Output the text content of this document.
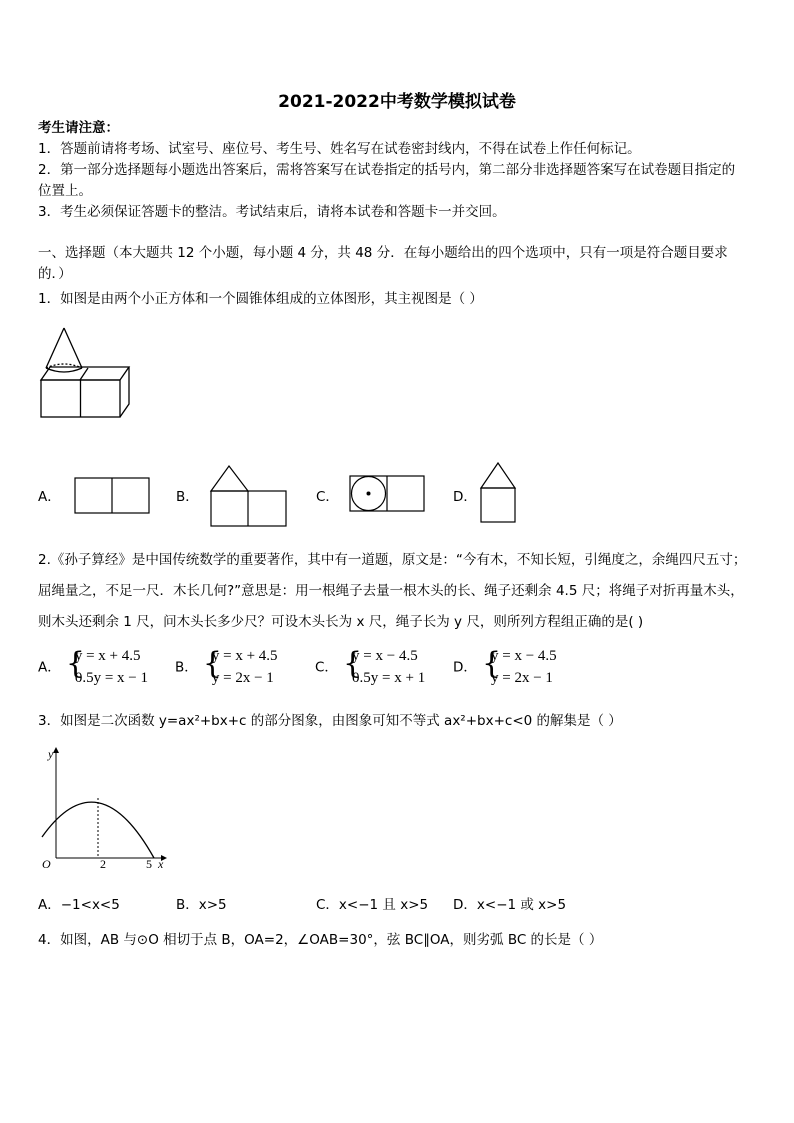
2021-2022中考数学模拟试卷
考生请注意：
1．答题前请将考场、试室号、座位号、考生号、姓名写在试卷密封线内，不得在试卷上作任何标记。
2．第一部分选择题每小题选出答案后，需将答案写在试卷指定的括号内，第二部分非选择题答案写在试卷题目指定的
位置上。
3．考生必须保证答题卡的整洁。考试结束后，请将本试卷和答题卡一并交回。
一、选择题（本大题共 12 个小题，每小题 4 分，共 48 分．在每小题给出的四个选项中，只有一项是符合题目要求
的．）
1．如图是由两个小正方体和一个圆锥体组成的立体图形，其主视图是（ ）
A．	B．	C．	D．
2.《孙子算经》是中国传统数学的重要著作，其中有一道题，原文是：“今有木，不知长短，引绳度之，余绳四尺五寸；
屈绳量之，不足一尺．木长几何?”意思是：用一根绳子去量一根木头的长、绳子还剩余 4.5 尺；将绳子对折再量木头，
则木头还剩余 1 尺，问木头长多少尺？可设木头长为 x 尺，绳子长为 y 尺，则所列方程组正确的是( )
A． {
y = x + 4.5
0.5y = x − 1
B． {
y = x + 4.5
y = 2x − 1
C． {
y = x − 4.5
0.5y = x + 1
D． {
y = x − 4.5
y = 2x − 1
3．如图是二次函数 y=ax²+bx+c 的部分图象，由图象可知不等式 ax²+bx+c<0 的解集是（ ）
y
x
O	2	5
A．−1<x<5	B．x>5	C．x<−1 且 x>5 D．x<−1 或 x>5
4．如图，AB 与⊙O 相切于点 B，OA=2，∠OAB=30°，弦 BC∥OA，则劣弧 BC 的长是（ ）
